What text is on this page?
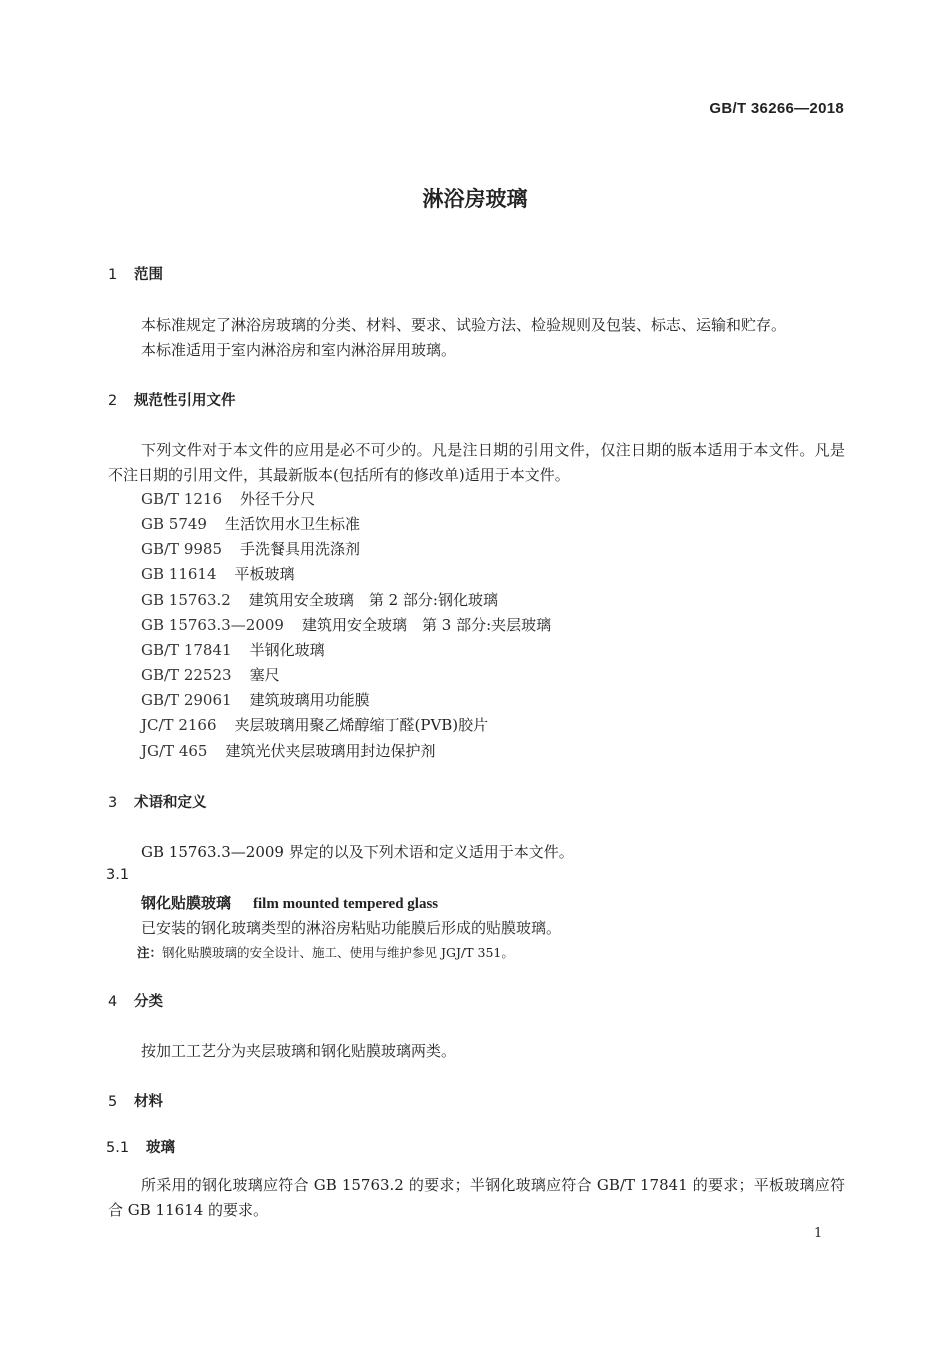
GB/T 36266—2018
淋浴房玻璃
1 范围
本标准规定了淋浴房玻璃的分类、材料、要求、试验方法、检验规则及包装、标志、运输和贮存。
本标准适用于室内淋浴房和室内淋浴屏用玻璃。
2 规范性引用文件
下列文件对于本文件的应用是必不可少的。凡是注日期的引用文件，仅注日期的版本适用于本文件。凡是不注日期的引用文件，其最新版本(包括所有的修改单)适用于本文件。
GB/T 1216 外径千分尺
GB 5749 生活饮用水卫生标准
GB/T 9985 手洗餐具用洗涤剂
GB 11614 平板玻璃
GB 15763.2 建筑用安全玻璃　第 2 部分:钢化玻璃
GB 15763.3—2009 建筑用安全玻璃　第 3 部分:夹层玻璃
GB/T 17841 半钢化玻璃
GB/T 22523 塞尺
GB/T 29061 建筑玻璃用功能膜
JC/T 2166 夹层玻璃用聚乙烯醇缩丁醛(PVB)胶片
JG/T 465 建筑光伏夹层玻璃用封边保护剂
3 术语和定义
GB 15763.3—2009 界定的以及下列术语和定义适用于本文件。
3.1
钢化贴膜玻璃 film mounted tempered glass
已安装的钢化玻璃类型的淋浴房粘贴功能膜后形成的贴膜玻璃。
注：钢化贴膜玻璃的安全设计、施工、使用与维护参见 JGJ/T 351。
4 分类
按加工工艺分为夹层玻璃和钢化贴膜玻璃两类。
5 材料
5.1 玻璃
所采用的钢化玻璃应符合 GB 15763.2 的要求；半钢化玻璃应符合 GB/T 17841 的要求；平板玻璃应符合 GB 11614 的要求。
1
